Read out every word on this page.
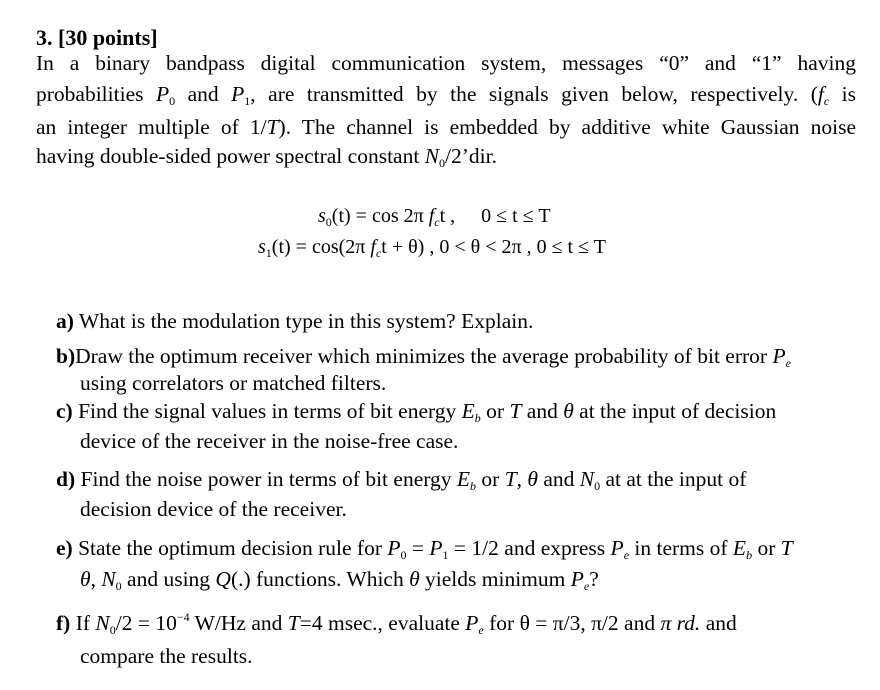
3. [30 points]
In a binary bandpass digital communication system, messages “0” and “1” having
probabilities $P_0$ and $P_1$, are transmitted by the signals given below, respectively. ($f_c$ is
an integer multiple of 1/T). The channel is embedded by additive white Gaussian noise
having double-sided power spectral constant $N_0/2’dir$.
$s_0(t) = \cos 2\pi$ $f_ct$ , 0 ≤ t ≤ T
$s_1(t) = \cos(2\pi$ $f_ct + \theta$) , 0 < θ < 2π , 0 ≤ t ≤ T
a) What is the modulation type in this system? Explain.
b)Draw the optimum receiver which minimizes the average probability of bit error $P_e$
using correlators or matched filters.
c) Find the signal values in terms of bit energy $E_b$ or T and θ at the input of decision
device of the receiver in the noise-free case.
d) Find the noise power in terms of bit energy $E_b$ or T, θ and $N_0$ at at the input of
decision device of the receiver.
e) State the optimum decision rule for $P_0 = P_1 = 1/2$ and express $P_e$ in terms of $E_b$ or T
θ, $N_0$ and using Q(.) functions. Which θ yields minimum $P_e$?
f) If $N_0/2 = 10^{-4}$ W/Hz and T=4 msec., evaluate $P_e$ for θ = π/3, π/2 and π rd. and
compare the results.
